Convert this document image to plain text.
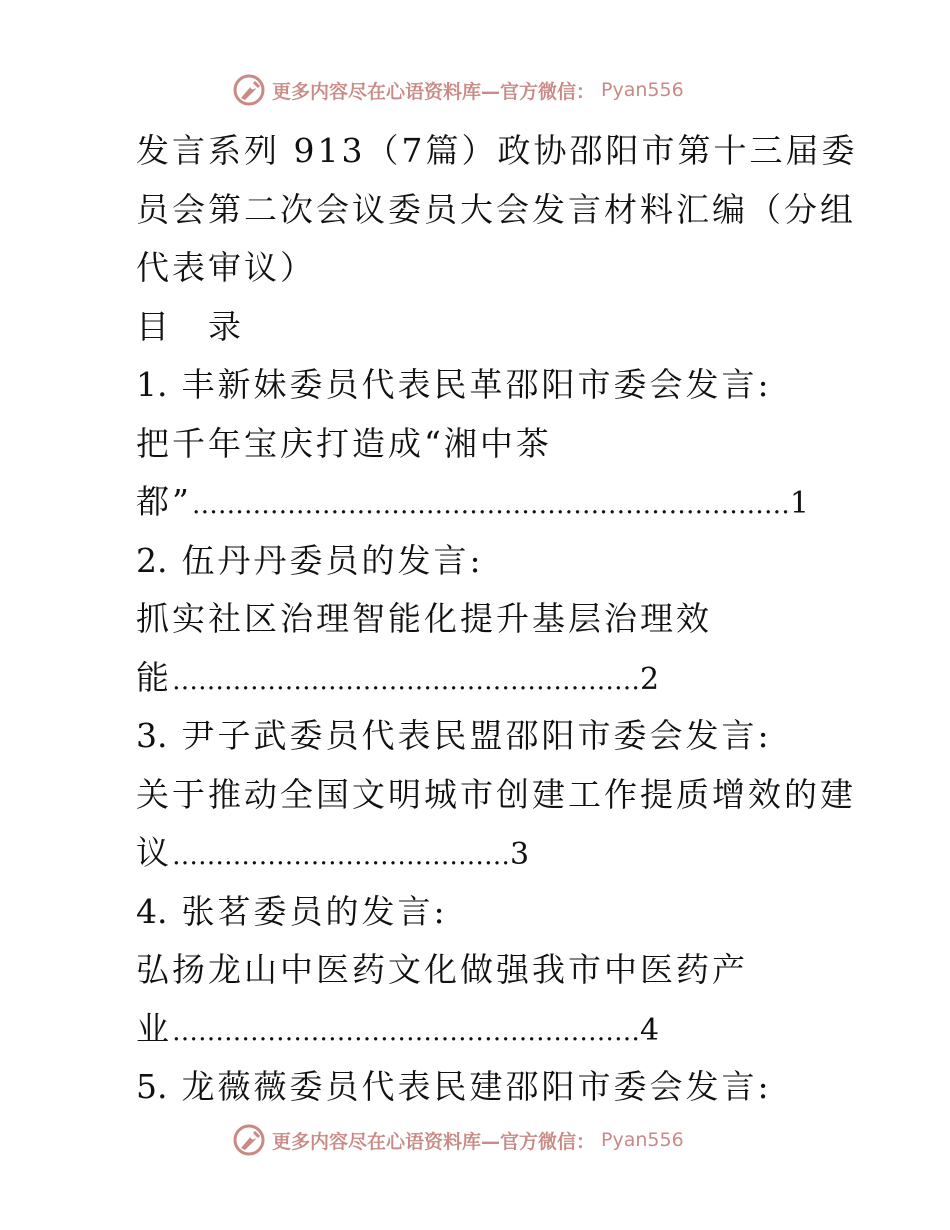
更多内容尽在心语资料库—官方微信： Pyan556
发言系列 913（7篇）政协邵阳市第十三届委
员会第二次会议委员大会发言材料汇编（分组
代表审议）
目　录
1. 丰新妹委员代表民革邵阳市委会发言:
把千年宝庆打造成“湘中茶
都” …………………………………………………………… 1
2. 伍丹丹委员的发言:
抓实社区治理智能化提升基层治理效
能 ……………………………………………… 2
3. 尹子武委员代表民盟邵阳市委会发言:
关于推动全国文明城市创建工作提质增效的建
议 ………………………………… 3
4. 张茗委员的发言:
弘扬龙山中医药文化做强我市中医药产
业 ……………………………………………… 4
5. 龙薇薇委员代表民建邵阳市委会发言:
更多内容尽在心语资料库—官方微信： Pyan556
